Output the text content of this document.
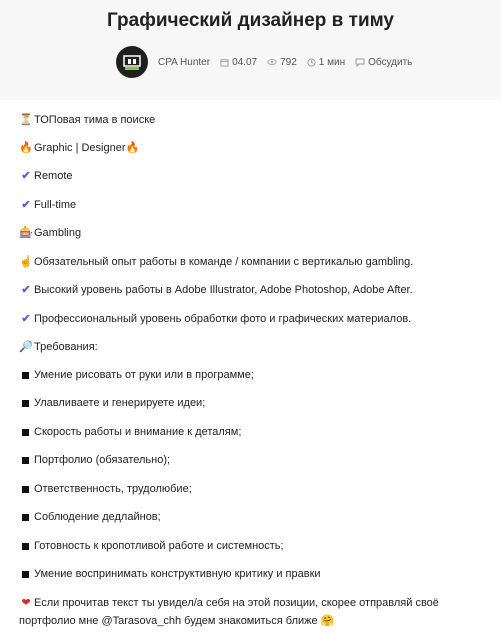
Графический дизайнер в тиму
CPA Hunter 04.07 792 1 мин Обсудить
⏳ ТОПовая тима в поиске
🔥 Graphic | Designer 🔥
✔ Remote
✔ Full-time
🎰 Gambling
☝ Обязательный опыт работы в команде / компании с вертикалью gambling.
✔ Высокий уровень работы в Adobe Illustrator, Adobe Photoshop, Adobe After.
✔ Профессиональный уровень обработки фото и графических материалов.
🔎 Требования:
Умение рисовать от руки или в программе;
Улавливаете и генерируете идеи;
Скорость работы и внимание к деталям;
Портфолио (обязательно);
Ответственность, трудолюбие;
Соблюдение дедлайнов;
Готовность к кропотливой работе и системность;
Умение воспринимать конструктивную критику и правки
❤ Если прочитав текст ты увидел/а себя на этой позиции, скорее отправляй своё портфолио мне @Tarasova_chh будем знакомиться ближе 🤗
